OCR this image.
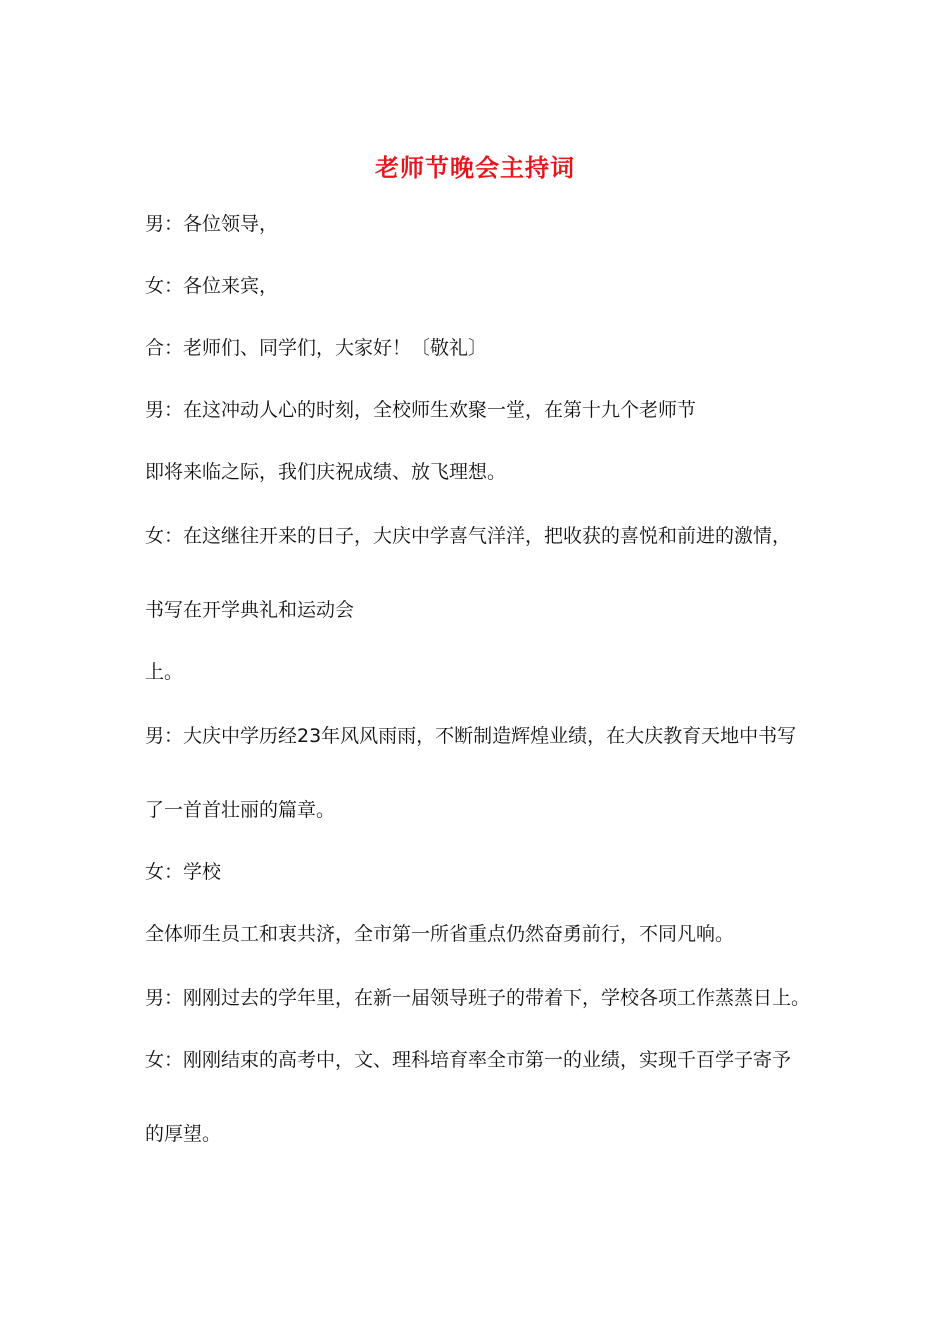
老师节晚会主持词
男：各位领导，
女：各位来宾，
合：老师们、同学们，大家好！〔敬礼〕
男：在这冲动人心的时刻，全校师生欢聚一堂，在第十九个老师节
即将来临之际，我们庆祝成绩、放飞理想。
女：在这继往开来的日子，大庆中学喜气洋洋，把收获的喜悦和前进的激情，
书写在开学典礼和运动会
上。
男：大庆中学历经23年风风雨雨，不断制造辉煌业绩，在大庆教育天地中书写
了一首首壮丽的篇章。
女：学校
全体师生员工和衷共济，全市第一所省重点仍然奋勇前行，不同凡响。
男：刚刚过去的学年里，在新一届领导班子的带着下，学校各项工作蒸蒸日上。
女：刚刚结束的高考中，文、理科培育率全市第一的业绩，实现千百学子寄予
的厚望。
